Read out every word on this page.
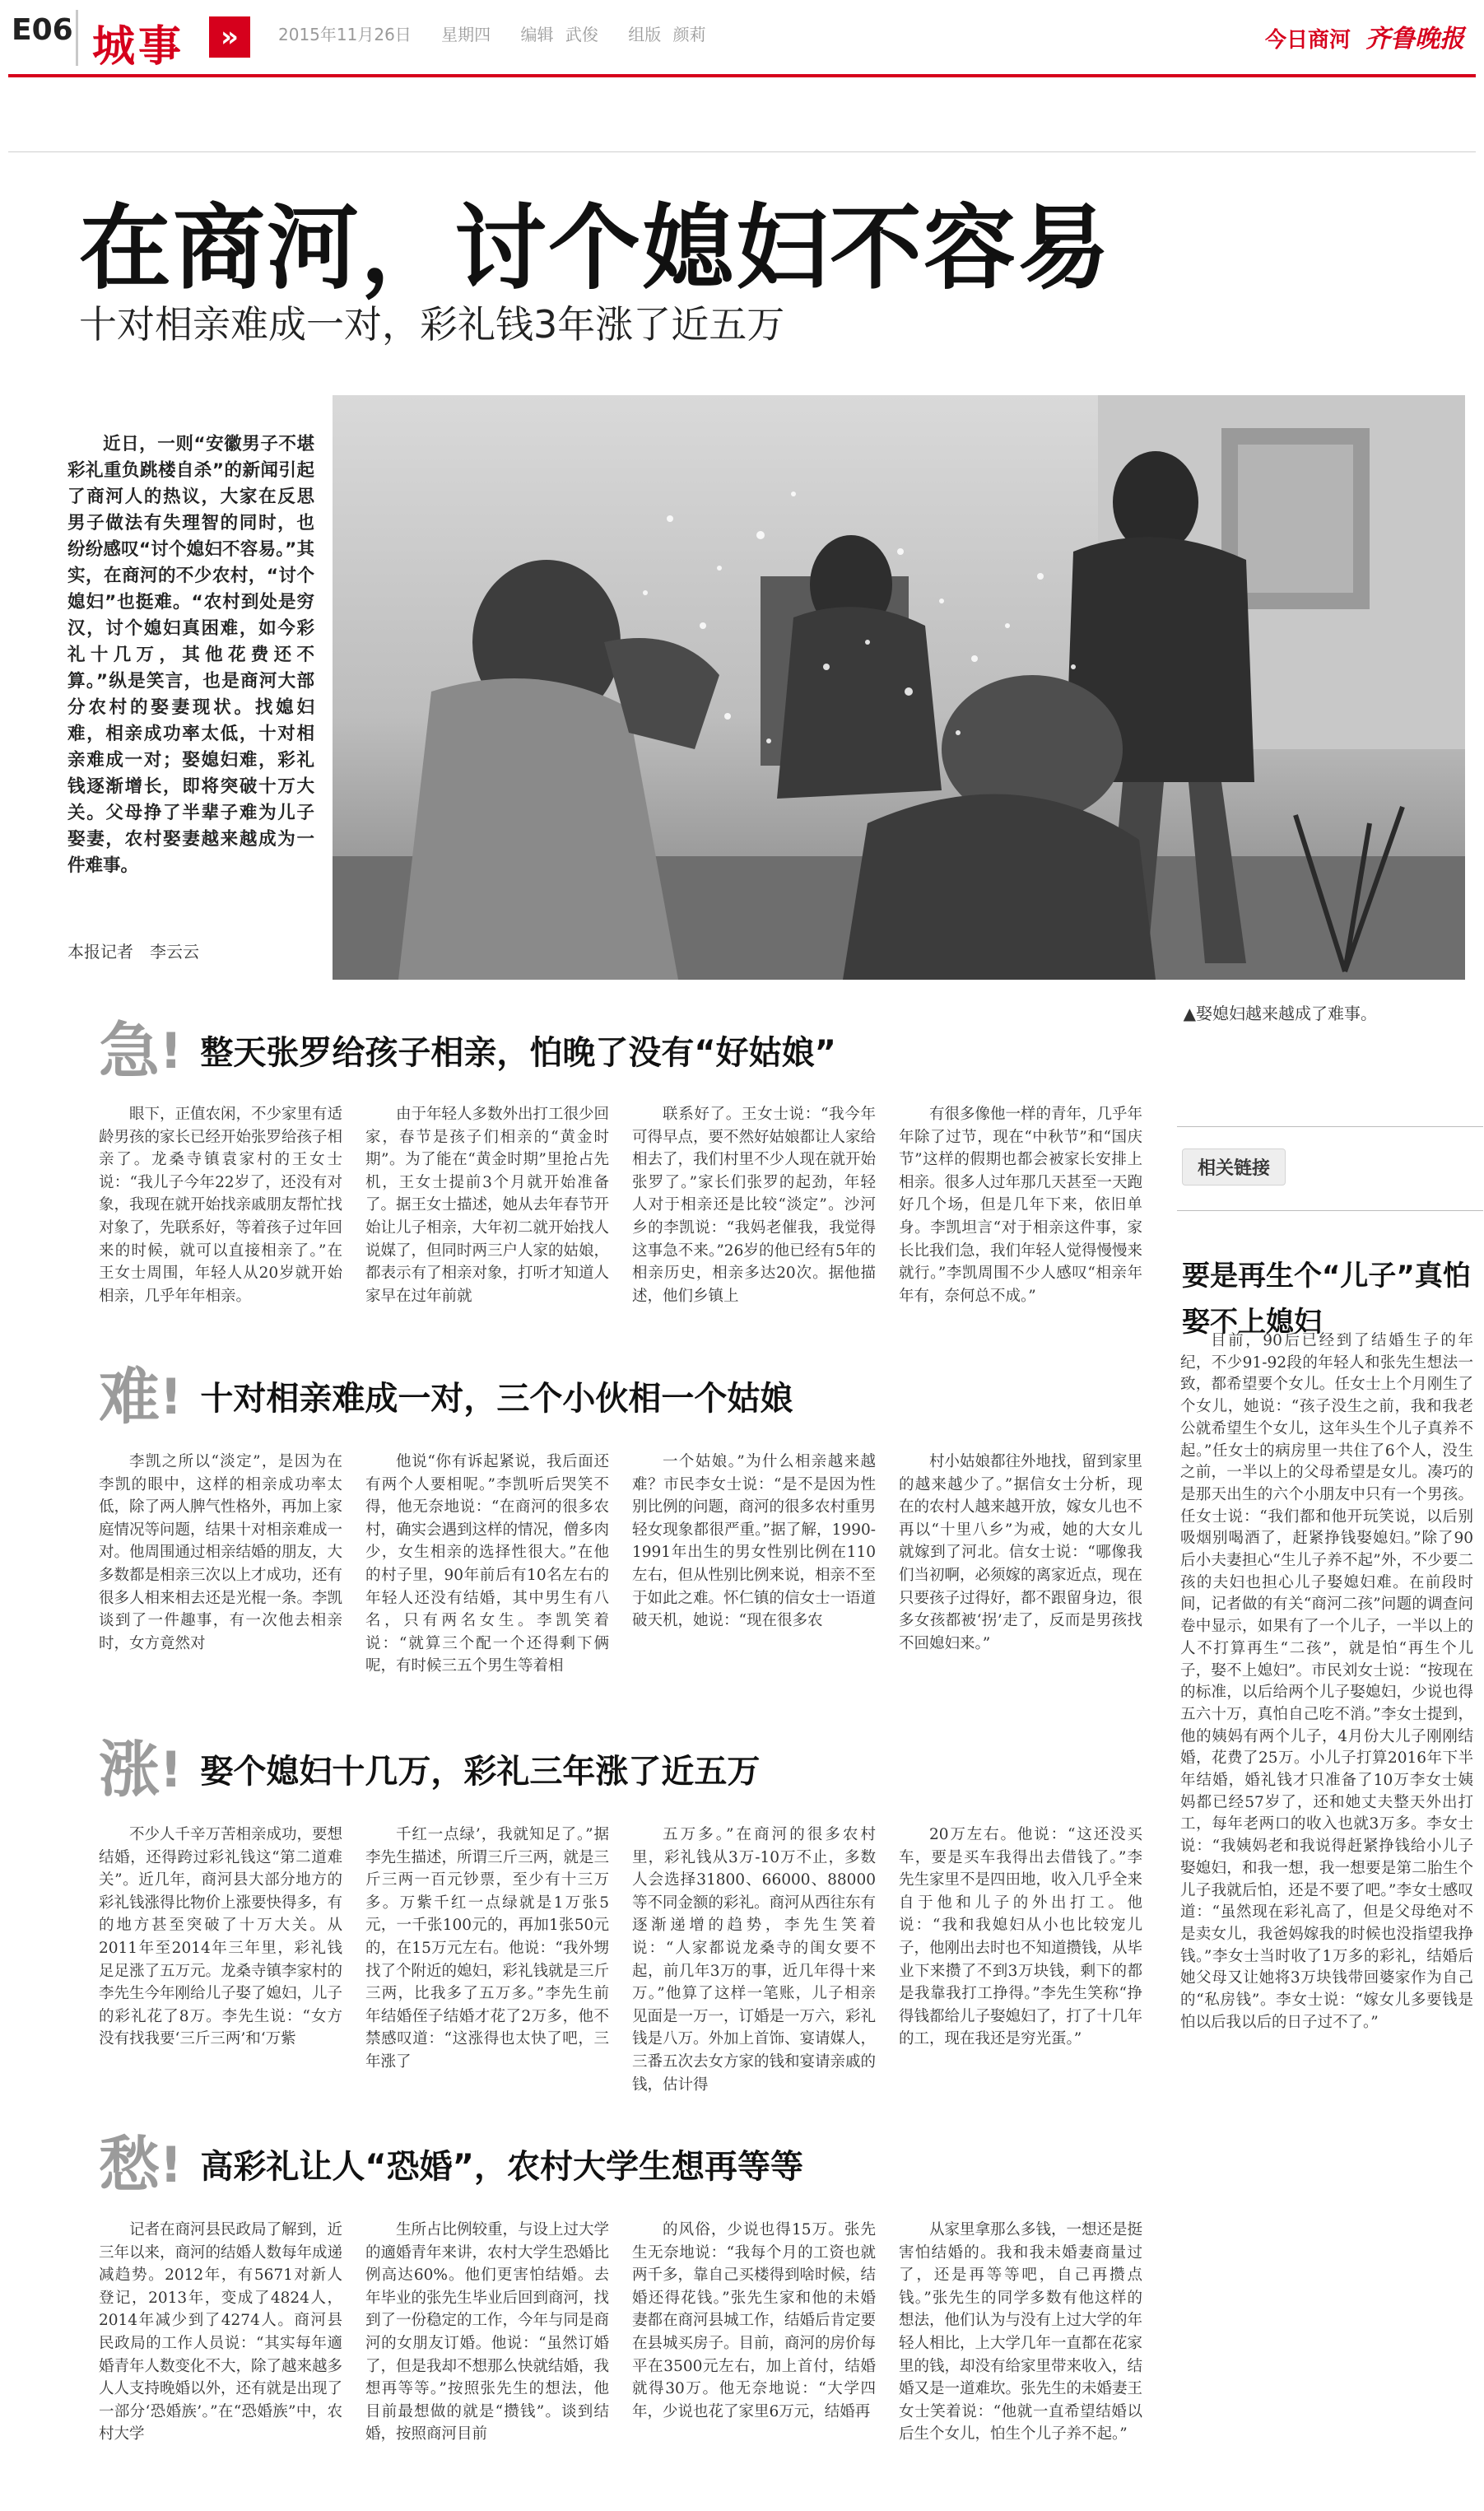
E06 城事	»	2015年11月26日 星期四 编辑 武俊 组版 颜莉	今日商河 齐鲁晚报
在商河，讨个媳妇不容易
十对相亲难成一对，彩礼钱3年涨了近五万

近日，一则“安徽男子不堪彩礼重负跳楼自杀”的新闻引起了商河人的热议，大家在反思男子做法有失理智的同时，也纷纷感叹“讨个媳妇不容易。”其实，在商河的不少农村，“讨个媳妇”也挺难。“农村到处是穷汉，讨个媳妇真困难，如今彩礼十几万，其他花费还不算。”纵是笑言，也是商河大部分农村的娶妻现状。找媳妇难，相亲成功率太低，十对相亲难成一对；娶媳妇难，彩礼钱逐渐增长，即将突破十万大关。父母挣了半辈子难为儿子娶妻，农村娶妻越来越成为一件难事。

本报记者 李云云
▲娶媳妇越来越成了难事。
急! 整天张罗给孩子相亲，怕晚了没有“好姑娘”
眼下，正值农闲，不少家里有适龄男孩的家长已经开始张罗给孩子相亲了。龙桑寺镇袁家村的王女士说：“我儿子今年22岁了，还没有对象，我现在就开始找亲戚朋友帮忙找对象了，先联系好，等着孩子过年回来的时候，就可以直接相亲了。”在王女士周围，年轻人从20岁就开始相亲，几乎年年相亲。
由于年轻人多数外出打工很少回家，春节是孩子们相亲的“黄金时期”。为了能在“黄金时期”里抢占先机，王女士提前3个月就开始准备了。据王女士描述，她从去年春节开始让儿子相亲，大年初二就开始找人说媒了，但同时两三户人家的姑娘，都表示有了相亲对象，打听才知道人家早在过年前就
联系好了。王女士说：“我今年可得早点，要不然好姑娘都让人家给相去了，我们村里不少人现在就开始张罗了。”家长们张罗的起劲，年轻人对于相亲还是比较“淡定”。沙河乡的李凯说：“我妈老催我，我觉得这事急不来。”26岁的他已经有5年的相亲历史，相亲多达20次。据他描述，他们乡镇上
有很多像他一样的青年，几乎年年除了过节，现在“中秋节”和“国庆节”这样的假期也都会被家长安排上相亲。很多人过年那几天甚至一天跑好几个场，但是几年下来，依旧单身。李凯坦言“对于相亲这件事，家长比我们急，我们年轻人觉得慢慢来就行。”李凯周围不少人感叹“相亲年年有，奈何总不成。”
难! 十对相亲难成一对，三个小伙相一个姑娘
李凯之所以“淡定”，是因为在李凯的眼中，这样的相亲成功率太低，除了两人脾气性格外，再加上家庭情况等问题，结果十对相亲难成一对。他周围通过相亲结婚的朋友，大多数都是相亲三次以上才成功，还有很多人相来相去还是光棍一条。李凯谈到了一件趣事，有一次他去相亲时，女方竟然对
他说“你有诉起紧说，我后面还有两个人要相呢。”李凯听后哭笑不得，他无奈地说：“在商河的很多农村，确实会遇到这样的情况，僧多肉少，女生相亲的选择性很大。”在他的村子里，90年前后有10名左右的年轻人还没有结婚，其中男生有八名，只有两名女生。李凯笑着说：“就算三个配一个还得剩下俩呢，有时候三五个男生等着相
一个姑娘。”为什么相亲越来越难？市民李女士说：“是不是因为性别比例的问题，商河的很多农村重男轻女现象都很严重。”据了解，1990-1991年出生的男女性别比例在110左右，但从性别比例来说，相亲不至于如此之难。怀仁镇的信女士一语道破天机，她说：“现在很多农
村小姑娘都往外地找，留到家里的越来越少了。”据信女士分析，现在的农村人越来越开放，嫁女儿也不再以“十里八乡”为戒，她的大女儿就嫁到了河北。信女士说：“哪像我们当初啊，必须嫁的离家近点，现在只要孩子过得好，都不跟留身边，很多女孩都被‘拐’走了，反而是男孩找不回媳妇来。”
涨! 娶个媳妇十几万，彩礼三年涨了近五万
不少人千辛万苦相亲成功，要想结婚，还得跨过彩礼钱这“第二道难关”。近几年，商河县大部分地方的彩礼钱涨得比物价上涨要快得多，有的地方甚至突破了十万大关。从2011年至2014年三年里，彩礼钱足足涨了五万元。龙桑寺镇李家村的李先生今年刚给儿子娶了媳妇，儿子的彩礼花了8万。李先生说：“女方没有找我要‘三斤三两’和‘万紫
千红一点绿’，我就知足了。”据李先生描述，所谓三斤三两，就是三斤三两一百元钞票，至少有十三万多。万紫千红一点绿就是1万张5元，一千张100元的，再加1张50元的，在15万元左右。他说：“我外甥找了个附近的媳妇，彩礼钱就是三斤三两，比我多了五万多。”李先生前年结婚侄子结婚才花了2万多，他不禁感叹道：“这涨得也太快了吧，三年涨了
五万多。”在商河的很多农村里，彩礼钱从3万-10万不止，多数人会选择31800、66000、88000等不同金额的彩礼。商河从西往东有逐渐递增的趋势，李先生笑着说：“人家都说龙桑寺的闺女要不起，前几年3万的事，近几年得十来万。”他算了这样一笔账，儿子相亲见面是一万一，订婚是一万六，彩礼钱是八万。外加上首饰、宴请媒人，三番五次去女方家的钱和宴请亲戚的钱，估计得
20万左右。他说：“这还没买车，要是买车我得出去借钱了。”李先生家里不是四田地，收入几乎全来自于他和儿子的外出打工。他说：“我和我媳妇从小也比较宠儿子，他刚出去时也不知道攒钱，从毕业下来攒了不到3万块钱，剩下的都是我靠我打工挣得。”李先生笑称“挣得钱都给儿子娶媳妇了，打了十几年的工，现在我还是穷光蛋。”
愁! 高彩礼让人“恐婚”，农村大学生想再等等
记者在商河县民政局了解到，近三年以来，商河的结婚人数每年成递减趋势。2012年，有5671对新人登记，2013年，变成了4824人，2014年减少到了4274人。商河县民政局的工作人员说：“其实每年適婚青年人数变化不大，除了越来越多人人支持晚婚以外，还有就是出现了一部分‘恐婚族’。”在“恐婚族”中，农村大学
生所占比例较重，与设上过大学的適婚青年来讲，农村大学生恐婚比例高达60%。他们更害怕结婚。去年毕业的张先生毕业后回到商河，找到了一份稳定的工作，今年与同是商河的女朋友订婚。他说：“虽然订婚了，但是我却不想那么快就结婚，我想再等等。”按照张先生的想法，他目前最想做的就是“攒钱”。谈到结婚，按照商河目前
的风俗，少说也得15万。张先生无奈地说：“我每个月的工资也就两千多，靠自己买楼得到啥时候，结婚还得花钱。”张先生家和他的未婚妻都在商河县城工作，结婚后肯定要在县城买房子。目前，商河的房价每平在3500元左右，加上首付，结婚就得30万。他无奈地说：“大学四年，少说也花了家里6万元，结婚再
从家里拿那么多钱，一想还是挺害怕结婚的。我和我未婚妻商量过了，还是再等等吧，自己再攒点钱。”张先生的同学多数有他这样的想法，他们认为与没有上过大学的年轻人相比，上大学几年一直都在花家里的钱，却没有给家里带来收入，结婚又是一道难坎。张先生的未婚妻王女士笑着说：“他就一直希望结婚以后生个女儿，怕生个儿子养不起。”
相关链接
要是再生个“儿子”真怕娶不上媳妇
目前，90后已经到了结婚生子的年纪，不少91-92段的年轻人和张先生想法一致，都希望要个女儿。任女士上个月刚生了个女儿，她说：“孩子没生之前，我和我老公就希望生个女儿，这年头生个儿子真养不起。”任女士的病房里一共住了6个人，没生之前，一半以上的父母希望是女儿。凑巧的是那天出生的六个小朋友中只有一个男孩。任女士说：“我们都和他开玩笑说，以后别吸烟别喝酒了，赶紧挣钱娶媳妇。”除了90后小夫妻担心“生儿子养不起”外，不少要二孩的夫妇也担心儿子娶媳妇难。在前段时间，记者做的有关“商河二孩”问题的调查问卷中显示，如果有了一个儿子，一半以上的人不打算再生“二孩”，就是怕“再生个儿子，娶不上媳妇”。市民刘女士说：“按现在的标准，以后给两个儿子娶媳妇，少说也得五六十万，真怕自己吃不消。”李女士提到，他的姨妈有两个儿子，4月份大儿子刚刚结婚，花费了25万。小儿子打算2016年下半年结婚，婚礼钱才只准备了10万李女士姨妈都已经57岁了，还和她丈夫整天外出打工，每年老两口的收入也就3万多。李女士说：“我姨妈老和我说得赶紧挣钱给小儿子娶媳妇，和我一想，我一想要是第二胎生个儿子我就后怕，还是不要了吧。”李女士感叹道：“虽然现在彩礼高了，但是父母绝对不是卖女儿，我爸妈嫁我的时候也没指望我挣钱。”李女士当时收了1万多的彩礼，结婚后她父母又让她将3万块钱带回婆家作为自己的“私房钱”。李女士说：“嫁女儿多要钱是怕以后我以后的日子过不了。”
